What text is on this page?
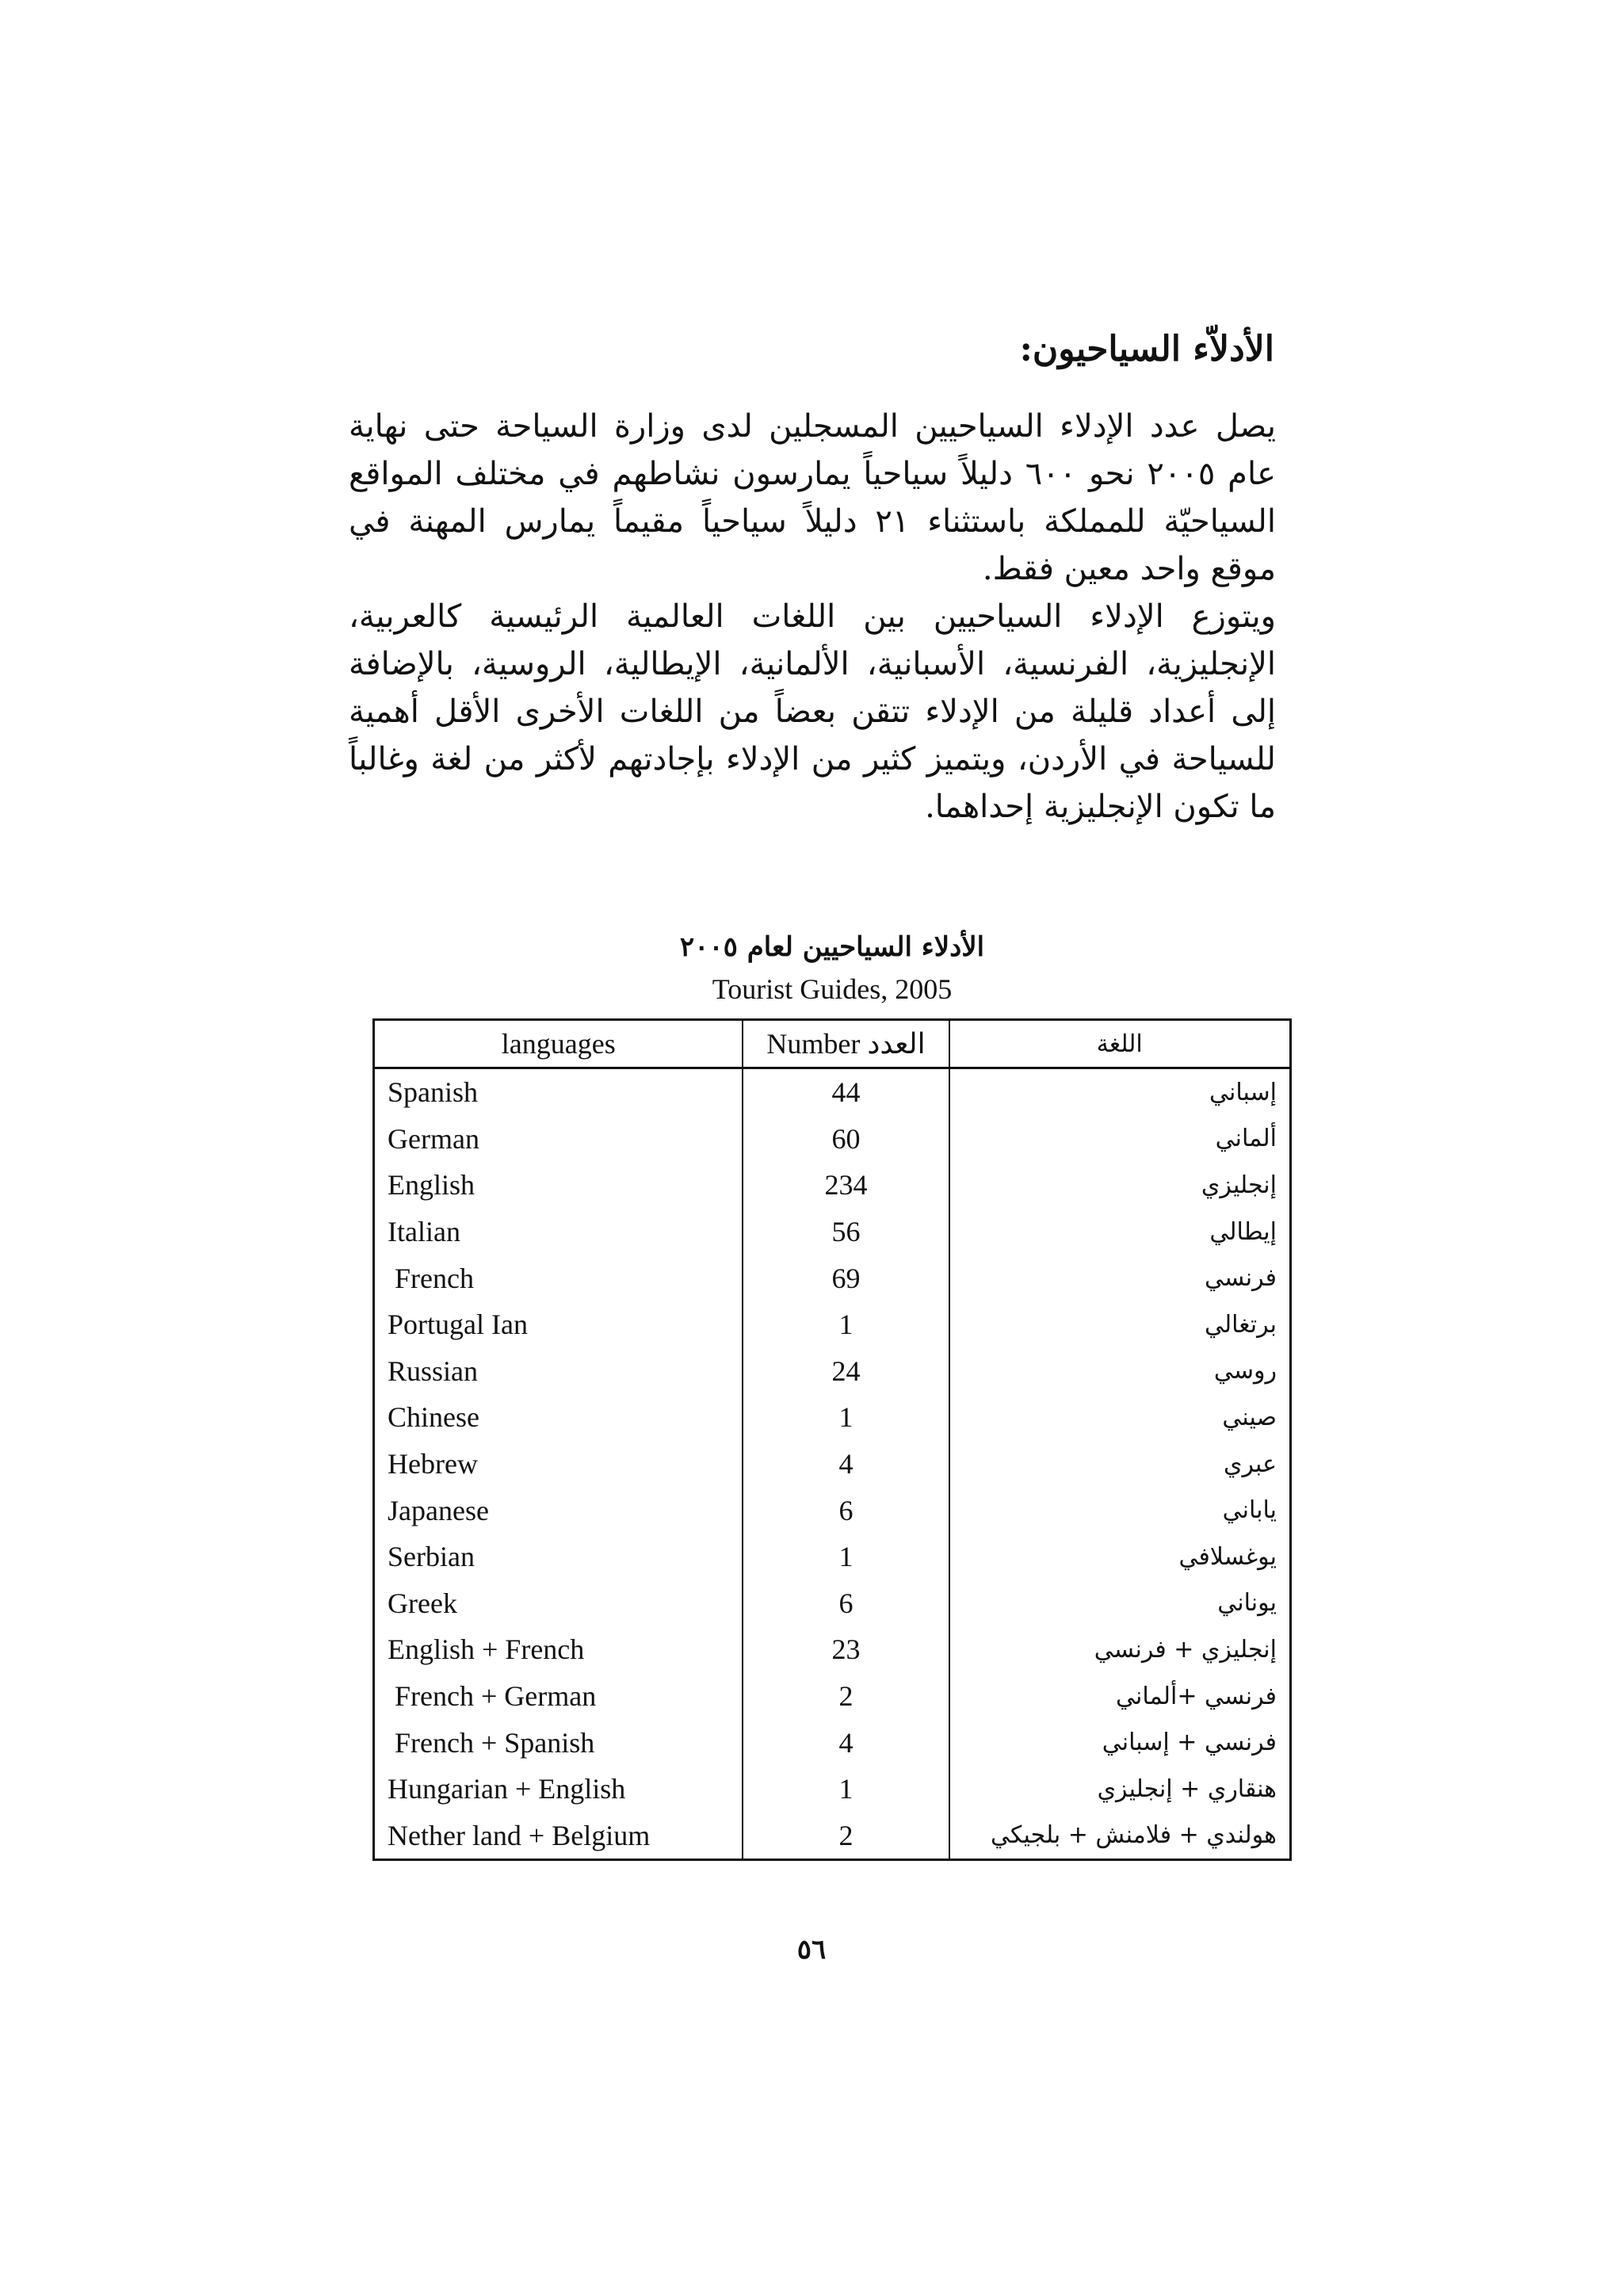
الأدلاّء السياحيون:

يصل عدد الإدلاء السياحيين المسجلين لدى وزارة السياحة حتى نهاية عام ٢٠٠٥ نحو ٦٠٠ دليلاً سياحياً يمارسون نشاطهم في مختلف المواقع السياحيّة للمملكة باستثناء ٢١ دليلاً سياحياً مقيماً يمارس المهنة في موقع واحد معين فقط.

ويتوزع الإدلاء السياحيين بين اللغات العالمية الرئيسية كالعربية، الإنجليزية، الفرنسية، الأسبانية، الألمانية، الإيطالية، الروسية، بالإضافة إلى أعداد قليلة من الإدلاء تتقن بعضاً من اللغات الأخرى الأقل أهمية للسياحة في الأردن، ويتميز كثير من الإدلاء بإجادتهم لأكثر من لغة وغالباً ما تكون الإنجليزية إحداهما.

الأدلاء السياحيين لعام ٢٠٠٥
Tourist Guides, 2005
languages	Number العدد	اللغة
Spanish	44	إسباني
German	60	ألماني
English	234	إنجليزي
Italian	56	إيطالي
French	69	فرنسي
Portugal Ian	1	برتغالي
Russian	24	روسي
Chinese	1	صيني
Hebrew	4	عبري
Japanese	6	ياباني
Serbian	1	يوغسلافي
Greek	6	يوناني
English + French	23	إنجليزي + فرنسي
French + German	2	فرنسي +ألماني
French + Spanish	4	فرنسي + إسباني
Hungarian + English	1	هنقاري + إنجليزي
Nether land + Belgium	2	هولندي + فلامنش + بلجيكي
٥٦
